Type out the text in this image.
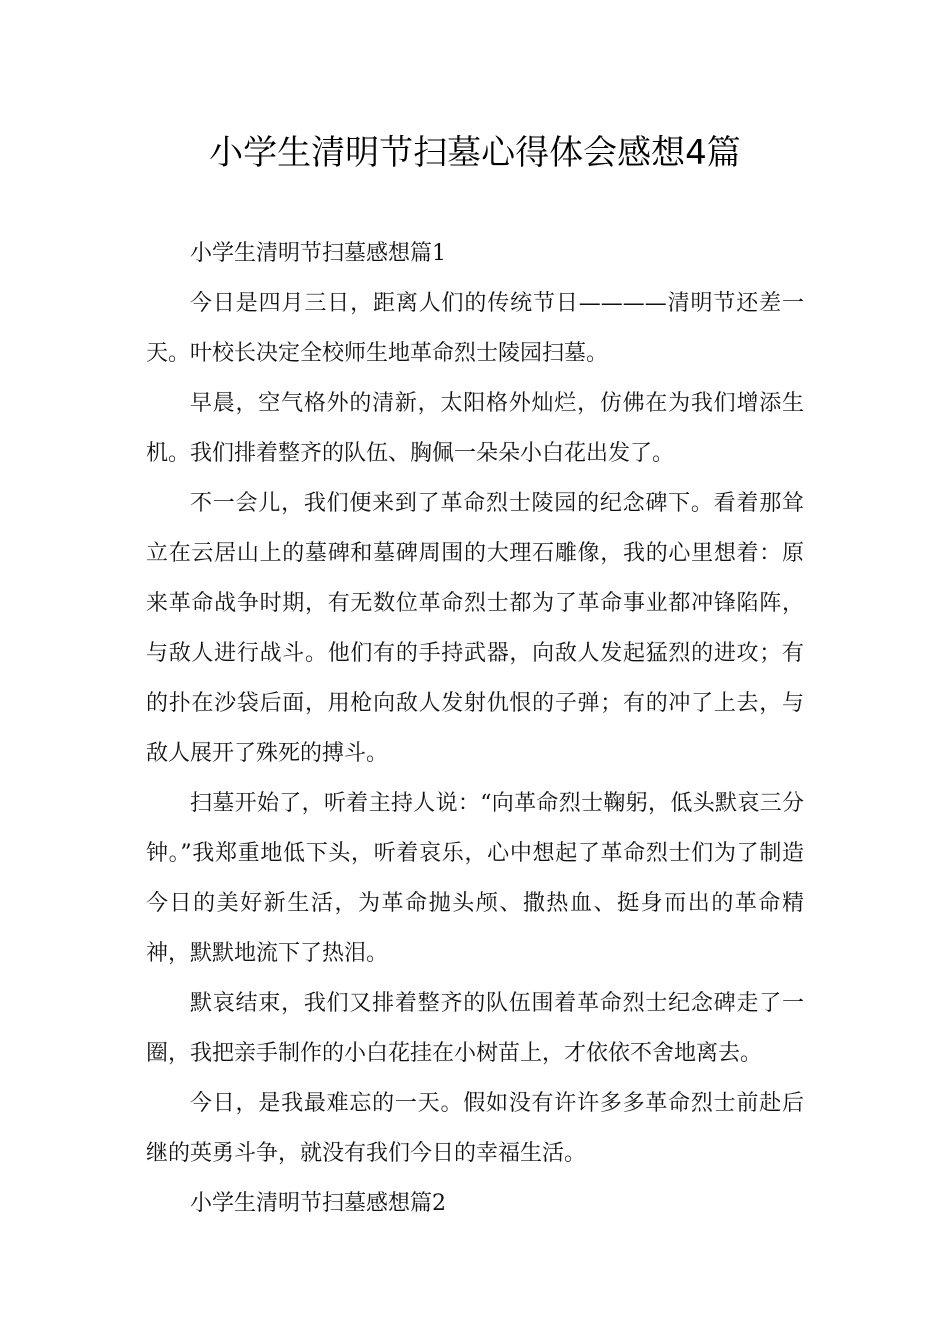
小学生清明节扫墓心得体会感想4篇

小学生清明节扫墓感想篇1

今日是四月三日，距离人们的传统节日————清明节还差一天。叶校长决定全校师生地革命烈士陵园扫墓。

早晨，空气格外的清新，太阳格外灿烂，仿佛在为我们增添生机。我们排着整齐的队伍、胸佩一朵朵小白花出发了。

不一会儿，我们便来到了革命烈士陵园的纪念碑下。看着那耸立在云居山上的墓碑和墓碑周围的大理石雕像，我的心里想着：原来革命战争时期，有无数位革命烈士都为了革命事业都冲锋陷阵，与敌人进行战斗。他们有的手持武器，向敌人发起猛烈的进攻；有的扑在沙袋后面，用枪向敌人发射仇恨的子弹；有的冲了上去，与敌人展开了殊死的搏斗。

扫墓开始了，听着主持人说：“向革命烈士鞠躬，低头默哀三分钟。”我郑重地低下头，听着哀乐，心中想起了革命烈士们为了制造今日的美好新生活，为革命抛头颅、撒热血、挺身而出的革命精神，默默地流下了热泪。

默哀结束，我们又排着整齐的队伍围着革命烈士纪念碑走了一圈，我把亲手制作的小白花挂在小树苗上，才依依不舍地离去。

今日，是我最难忘的一天。假如没有许许多多革命烈士前赴后继的英勇斗争，就没有我们今日的幸福生活。

小学生清明节扫墓感想篇2
